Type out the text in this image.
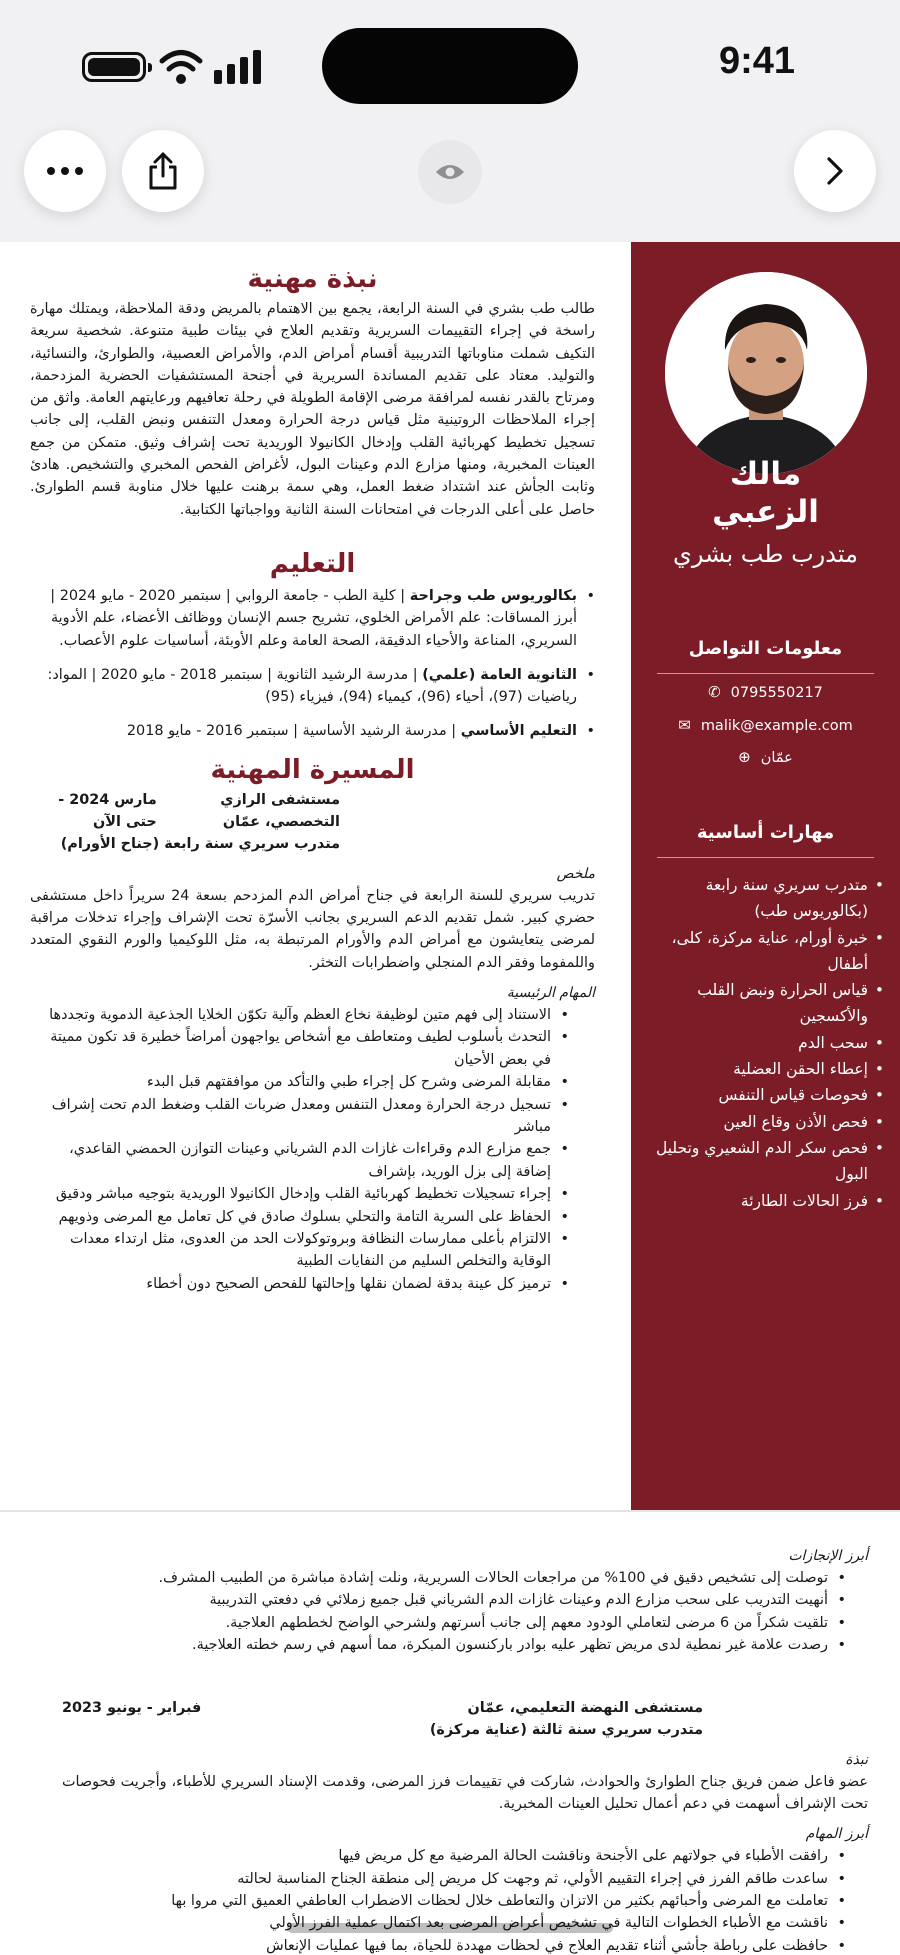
9:41
مالك
الزعبي
متدرب طب بشري
معلومات التواصل
0795550217✆
malik@example.com✉
عمّان⊕
مهارات أساسية
• متدرب سريري سنة رابعة (بكالوريوس طب)
• خبرة أورام، عناية مركزة، كلى، أطفال
• قياس الحرارة ونبض القلب والأكسجين
• سحب الدم
• إعطاء الحقن العضلية
• فحوصات قياس التنفس
• فحص الأذن وقاع العين
• فحص سكر الدم الشعيري وتحليل البول
• فرز الحالات الطارئة
نبذة مهنية

طالب طب بشري في السنة الرابعة، يجمع بين الاهتمام بالمريض ودقة الملاحظة، ويمتلك مهارة راسخة في إجراء التقييمات السريرية وتقديم العلاج في بيئات طبية متنوعة. شخصية سريعة التكيف شملت مناوباتها التدريبية أقسام أمراض الدم، والأمراض العصبية، والطوارئ، والنسائية، والتوليد. معتاد على تقديم المساندة السريرية في أجنحة المستشفيات الحضرية المزدحمة، ومرتاح بالقدر نفسه لمرافقة مرضى الإقامة الطويلة في رحلة تعافيهم ورعايتهم العامة. واثق من إجراء الملاحظات الروتينية مثل قياس درجة الحرارة ومعدل التنفس ونبض القلب، إلى جانب تسجيل تخطيط كهربائية القلب وإدخال الكانيولا الوريدية تحت إشراف وثيق. متمكن من جمع العينات المخبرية، ومنها مزارع الدم وعينات البول، لأغراض الفحص المخبري والتشخيص. هادئ وثابت الجأش عند اشتداد ضغط العمل، وهي سمة برهنت عليها خلال مناوبة قسم الطوارئ. حاصل على أعلى الدرجات في امتحانات السنة الثانية وواجباتها الكتابية.

التعليم
• بكالوريوس طب وجراحة | كلية الطب - جامعة الروابي | سبتمبر 2020 - مايو 2024 | أبرز المساقات: علم الأمراض الخلوي، تشريح جسم الإنسان ووظائف الأعضاء، علم الأدوية السريري، المناعة والأحياء الدقيقة، الصحة العامة وعلم الأوبئة، أساسيات علوم الأعصاب.
• الثانوية العامة (علمي) | مدرسة الرشيد الثانوية | سبتمبر 2018 - مايو 2020 | المواد: رياضيات (97)، أحياء (96)، كيمياء (94)، فيزياء (95)
• التعليم الأساسي | مدرسة الرشيد الأساسية | سبتمبر 2016 - مايو 2018
المسيرة المهنية
مستشفى الرازي التخصصي، عمّان
مارس 2024 - حتى الآن
متدرب سريري سنة رابعة (جناح الأورام)
ملخص

تدريب سريري للسنة الرابعة في جناح أمراض الدم المزدحم بسعة 24 سريراً داخل مستشفى حضري كبير. شمل تقديم الدعم السريري بجانب الأسرّة تحت الإشراف وإجراء تدخلات مراقبة لمرضى يتعايشون مع أمراض الدم والأورام المرتبطة به، مثل اللوكيميا والورم النقوي المتعدد واللمفوما وفقر الدم المنجلي واضطرابات التخثر.

المهام الرئيسية
• الاستناد إلى فهم متين لوظيفة نخاع العظم وآلية تكوّن الخلايا الجذعية الدموية وتجددها
• التحدث بأسلوب لطيف ومتعاطف مع أشخاص يواجهون أمراضاً خطيرة قد تكون مميتة في بعض الأحيان
• مقابلة المرضى وشرح كل إجراء طبي والتأكد من موافقتهم قبل البدء
• تسجيل درجة الحرارة ومعدل التنفس ومعدل ضربات القلب وضغط الدم تحت إشراف مباشر
• جمع مزارع الدم وقراءات غازات الدم الشرياني وعينات التوازن الحمضي القاعدي، إضافة إلى بزل الوريد، بإشراف
• إجراء تسجيلات تخطيط كهربائية القلب وإدخال الكانيولا الوريدية بتوجيه مباشر ودقيق
• الحفاظ على السرية التامة والتحلي بسلوك صادق في كل تعامل مع المرضى وذويهم
• الالتزام بأعلى ممارسات النظافة وبروتوكولات الحد من العدوى، مثل ارتداء معدات الوقاية والتخلص السليم من النفايات الطبية
• ترميز كل عينة بدقة لضمان نقلها وإحالتها للفحص الصحيح دون أخطاء
أبرز الإنجازات
• توصلت إلى تشخيص دقيق في 100% من مراجعات الحالات السريرية، ونلت إشادة مباشرة من الطبيب المشرف.
• أنهيت التدريب على سحب مزارع الدم وعينات غازات الدم الشرياني قبل جميع زملائي في دفعتي التدريبية
• تلقيت شكراً من 6 مرضى لتعاملي الودود معهم إلى جانب أسرتهم ولشرحي الواضح لخططهم العلاجية.
• رصدت علامة غير نمطية لدى مريض تظهر عليه بوادر باركنسون المبكرة، مما أسهم في رسم خطته العلاجية.
مستشفى النهضة التعليمي، عمّان
فبراير - يونيو 2023
متدرب سريري سنة ثالثة (عناية مركزة)
نبذة

عضو فاعل ضمن فريق جناح الطوارئ والحوادث، شاركت في تقييمات فرز المرضى، وقدمت الإسناد السريري للأطباء، وأجريت فحوصات تحت الإشراف أسهمت في دعم أعمال تحليل العينات المخبرية.

أبرز المهام
• رافقت الأطباء في جولاتهم على الأجنحة وناقشت الحالة المرضية مع كل مريض فيها
• ساعدت طاقم الفرز في إجراء التقييم الأولي، ثم وجهت كل مريض إلى منطقة الجناح المناسبة لحالته
• تعاملت مع المرضى وأحبائهم بكثير من الاتزان والتعاطف خلال لحظات الاضطراب العاطفي العميق التي مروا بها
• ناقشت مع الأطباء الخطوات التالية في تشخيص أعراض المرضى بعد اكتمال عملية الفرز الأولي
• حافظت على رباطة جأشي أثناء تقديم العلاج في لحظات مهددة للحياة، بما فيها عمليات الإنعاش
